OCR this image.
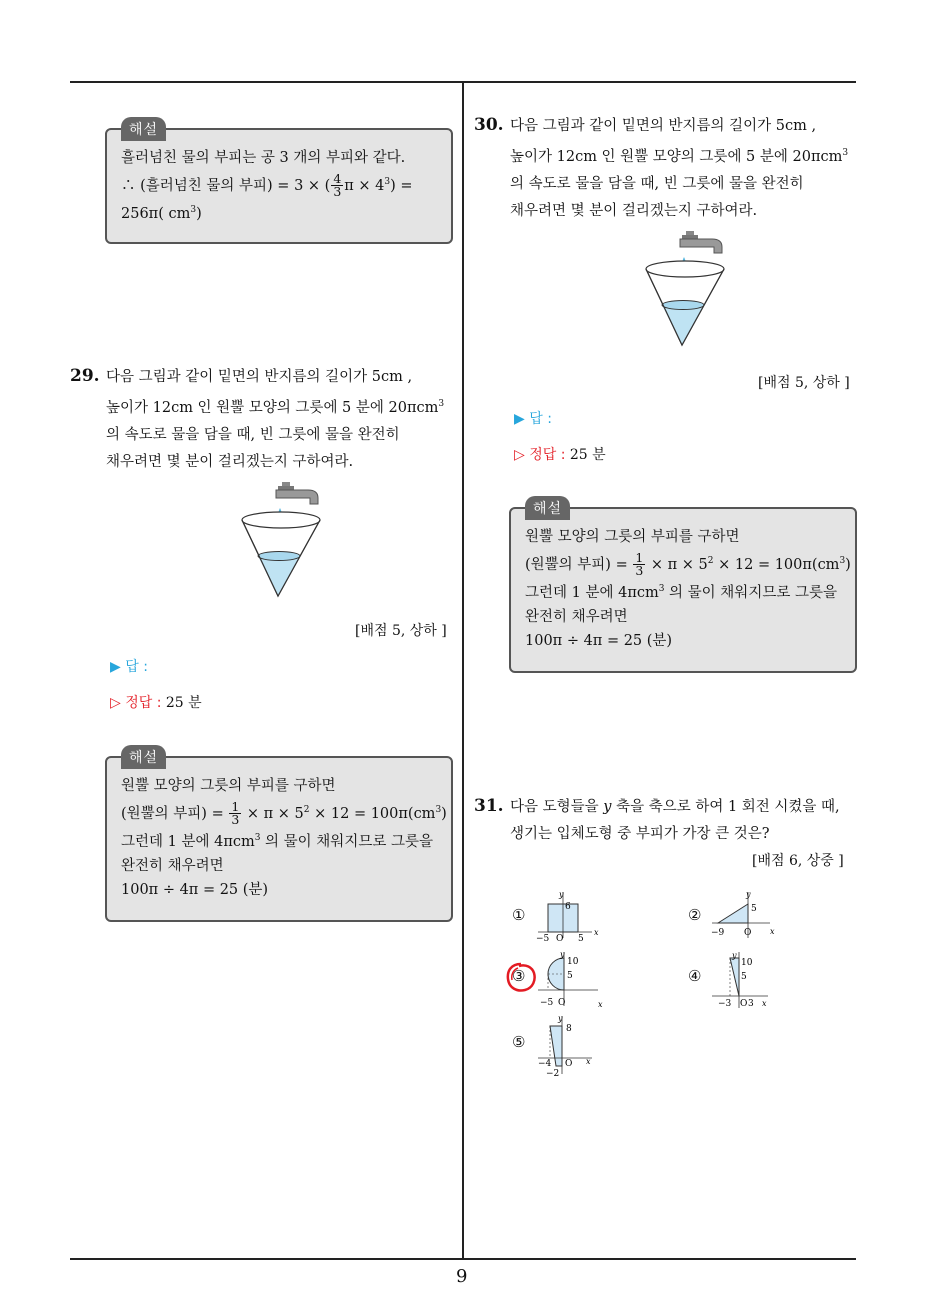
해설
흘러넘친 물의 부피는 공 3 개의 부피와 같다.
∴ (흘러넘친 물의 부피) = 3 × ( $\frac{4}{3}$ $\pi \times 4^3$) =
256π( $cm^3$)
29. 다음 그림과 같이 밑면의 반지름의 길이가 5cm ,
높이가 12cm 인 원뿔 모양의 그릇에 5 분에 20πcm$^3$
의 속도로 물을 담을 때, 빈 그릇에 물을 완전히
채우려면 몇 분이 걸리겠는지 구하여라.
[배점 5, 상하 ]
▶ 답 :
▷ 정답 : 25 분
해설
원뿔 모양의 그릇의 부피를 구하면
(원뿔의 부피) = $\frac{1}{3} \times \pi \times 5^2 \times 12 = 100\pi(cm^3)$
그런데 1 분에 4πcm$^3$ 의 물이 채워지므로 그릇을
완전히 채우려면
100π ÷ 4π = 25 (분)
30. 다음 그림과 같이 밑면의 반지름의 길이가 5cm ,
높이가 12cm 인 원뿔 모양의 그릇에 5 분에 20πcm$^3$
의 속도로 물을 담을 때, 빈 그릇에 물을 완전히
채우려면 몇 분이 걸리겠는지 구하여라.
[배점 5, 상하 ]
▶ 답 :
▷ 정답 : 25 분
해설
원뿔 모양의 그릇의 부피를 구하면
(원뿔의 부피) = $\frac{1}{3} \times \pi \times 5^2 \times 12 = 100\pi(cm^3)$
그런데 1 분에 4πcm$^3$ 의 물이 채워지므로 그릇을
완전히 채우려면
100π ÷ 4π = 25 (분)
31. 다음 도형들을 y 축을 축으로 하여 1 회전 시켰을 때,
생기는 입체도형 중 부피가 가장 큰 것은?
[배점 6, 상중 ]
①
y
x
6
−5 O 5
②
y
x
5
−9 O
③
y
x
10
5
−5 O
④
y
x
10
5
−3 O 3
⑤
y
x
8
−4 O
−2
9
